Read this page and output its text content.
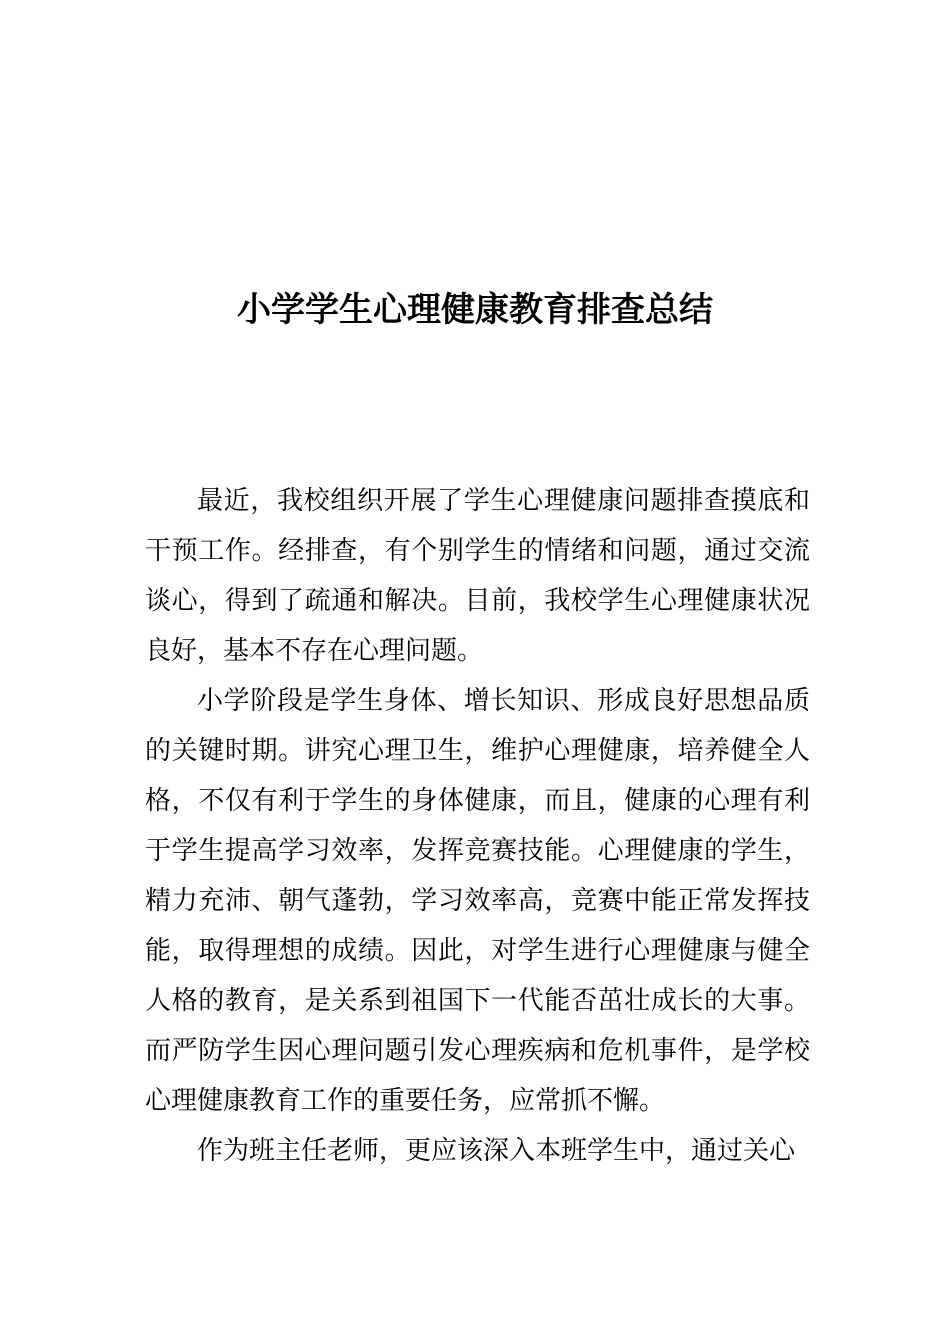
小学学生心理健康教育排查总结

最近，我校组织开展了学生心理健康问题排查摸底和干预工作。经排查，有个别学生的情绪和问题，通过交流谈心，得到了疏通和解决。目前，我校学生心理健康状况良好，基本不存在心理问题。

小学阶段是学生身体、增长知识、形成良好思想品质的关键时期。讲究心理卫生，维护心理健康，培养健全人格，不仅有利于学生的身体健康，而且，健康的心理有利于学生提高学习效率，发挥竞赛技能。心理健康的学生，精力充沛、朝气蓬勃，学习效率高，竞赛中能正常发挥技能，取得理想的成绩。因此，对学生进行心理健康与健全人格的教育，是关系到祖国下一代能否茁壮成长的大事。而严防学生因心理问题引发心理疾病和危机事件，是学校心理健康教育工作的重要任务，应常抓不懈。

作为班主任老师，更应该深入本班学生中，通过关心
